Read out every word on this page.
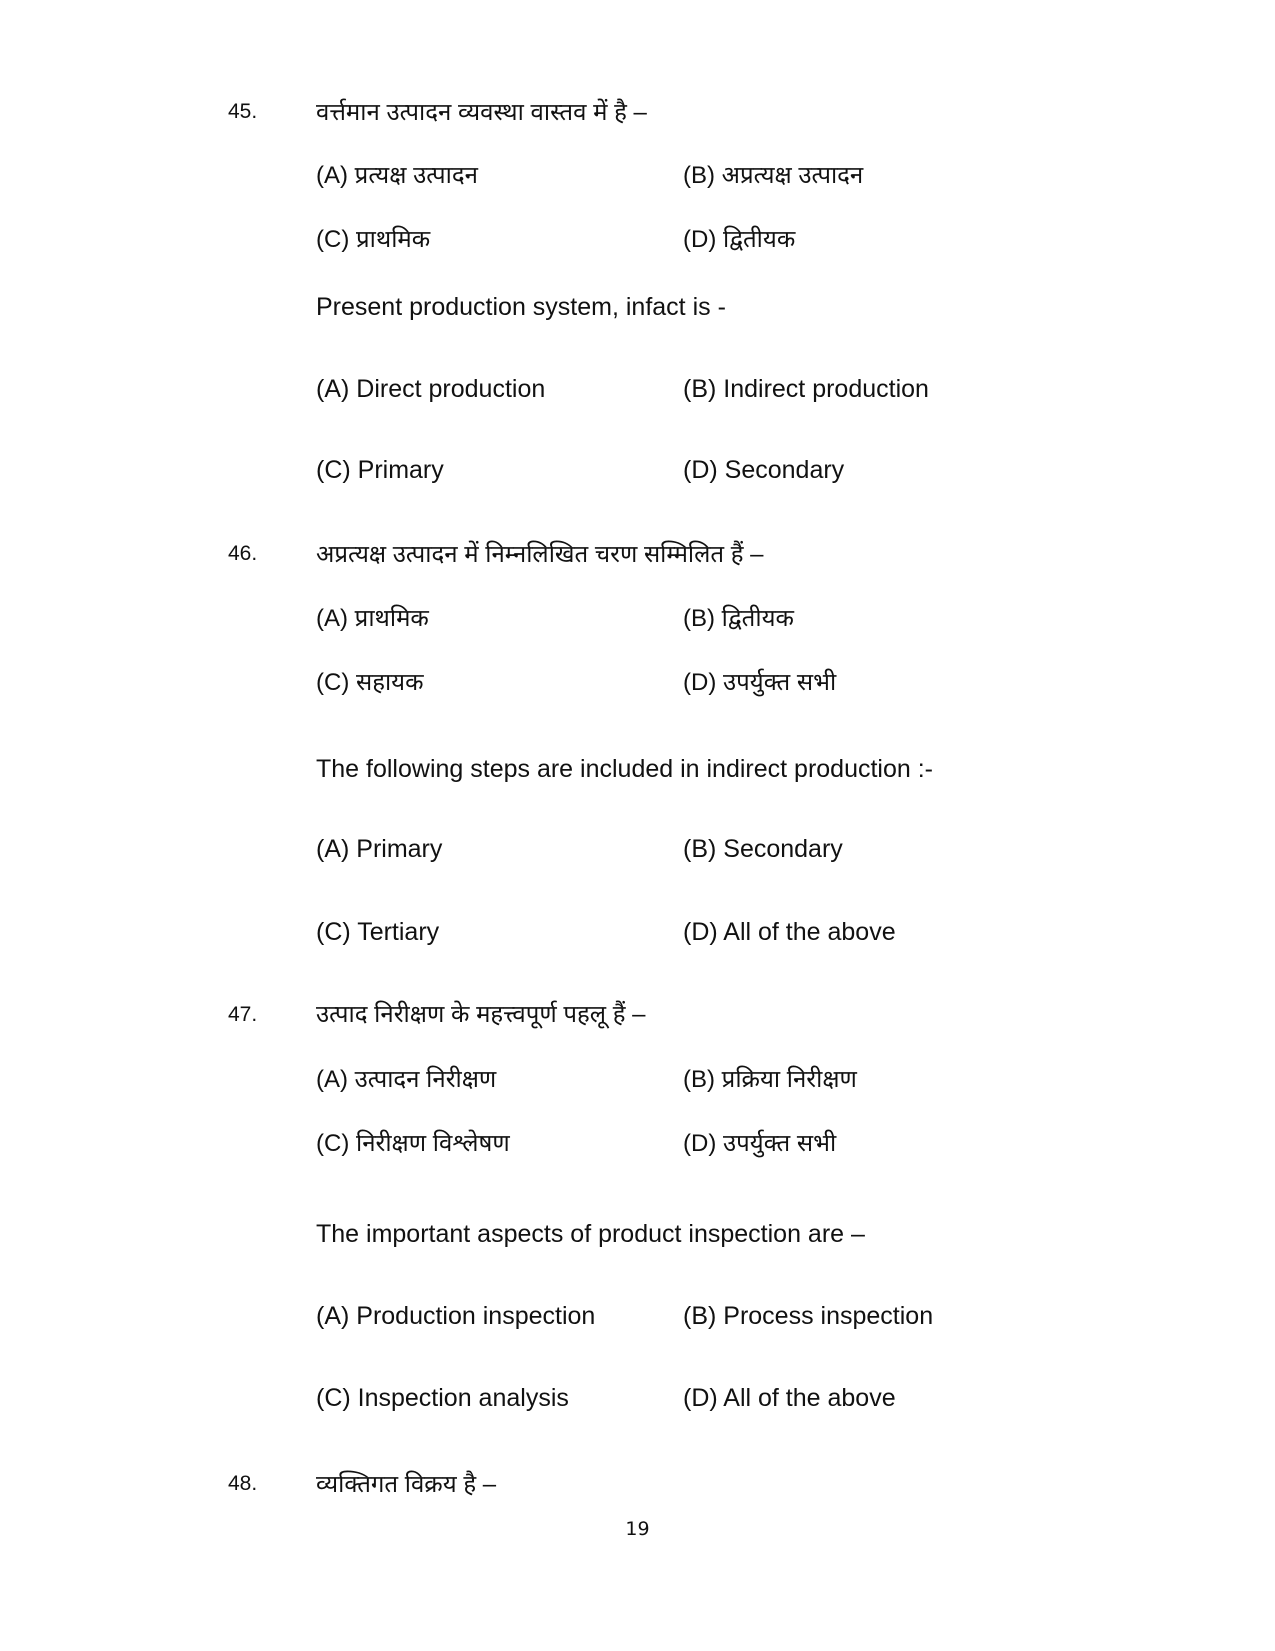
45. वर्त्तमान उत्पादन व्यवस्था वास्तव में है –
(A) प्रत्यक्ष उत्पादन	(B) अप्रत्यक्ष उत्पादन
(C) प्राथमिक	(D) द्वितीयक
Present production system, infact is -
(A) Direct production	(B) Indirect production
(C) Primary	(D) Secondary
46. अप्रत्यक्ष उत्पादन में निम्नलिखित चरण सम्मिलित हैं –
(A) प्राथमिक	(B) द्वितीयक
(C) सहायक	(D) उपर्युक्त सभी
The following steps are included in indirect production :-
(A) Primary	(B) Secondary
(C) Tertiary	(D) All of the above
47. उत्पाद निरीक्षण के महत्त्वपूर्ण पहलू हैं –
(A) उत्पादन निरीक्षण	(B) प्रक्रिया निरीक्षण
(C) निरीक्षण विश्लेषण	(D) उपर्युक्त सभी
The important aspects of product inspection are –
(A) Production inspection	(B) Process inspection
(C) Inspection analysis	(D) All of the above
48. व्यक्तिगत विक्रय है –
19
